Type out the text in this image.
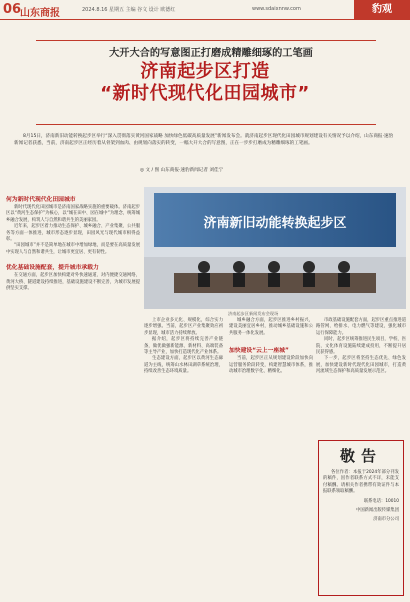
06
山东商报	2024.8.16 星期五 主编 谷文 设计 欧德红	www.sdaixnnw.com	豹观
大开大合的写意图正打磨成精雕细琢的工笔画
济南起步区打造
“新时代现代化田园城市”

8月15日，济南新旧动能转换起步区举行“深入贯彻落实黄河国家战略 加快绿色低碳高质量发展”新闻发布会。就济南起步区现代化田园城市规划建设有关情况予以介绍，山东商报·速豹新闻记者获悉，当前，济南起步区正经历着从骨架到血肉、由规划向落实的转变，一幅大开大合的写意图，正在一步步打磨成为精雕细琢的工笔画。

◎ 文 / 图 山东商报·速豹新闻记者 刘佳宁
何为新时代现代化田园城市

新时代现代化田园城市是济南国家战略实施的重要载体。济南起步区以“黄河生态保护”为核心，以“城在田中、园在城中”为理念，统筹城乡融合发展，构筑人与自然和谐共生的美丽家园。

近年来，起步区着力推动生态保护、城乡融合、产业集聚、公共服务等方面一体推进，城市形态逐步显现，田园风光与现代城市相得益彰。

“田园城市”并不是简单地在城市中增加绿地，而是要在高质量发展中实现人与自然和谐共生，让城市更宜居、更有韧性。

优化基础设施配套，提升城市承载力

在交通方面，起步区加快构建对外快速通道、对内便捷交通网络，黄河大桥、隧道建设持续推进，基础设施建设不断完善，为城市发展提供坚实支撑。

济南新旧动能转换起步区
济南起步区新闻发布会现场

上市企业多元化、规模化，综合实力逐步增强。当前，起步区产业集聚效应初步显现，城市活力持续释放。

据介绍，起步区将持续完善产业链条，做优做强新能源、新材料、高端装备等主导产业，加快打造现代化产业体系。

生态建设方面，起步区以黄河生态廊道为主线，统筹山水林田湖草系统治理，持续改善生态环境质量。

城乡融合方面，起步区推进乡村振兴，建设美丽宜居乡村，推动城乡基础设施和公共服务一体化发展。

加快建设“云上一座城”

当前，起步区正从规划建设阶段加快向运营服务阶段转变，构建智慧城市体系，推动城市治理数字化、精细化。

市政基础设施配套方面，起步区重点推进道路管网、给排水、电力燃气等建设，强化城市运行保障能力。

同时，起步区统筹推进民生项目，学校、医院、文化体育设施陆续建成投用，不断提升居民获得感。

下一步，起步区将坚持生态优先、绿色发展，加快建设新时代现代化田园城市，打造黄河流域生态保护和高质量发展示范区。

敬告

各位作者：本报于2024年部分刊发的稿件，因作者联系方式不详，未能支付稿酬。请相关作者携带有效证件与本报联系领取稿酬。

联系电话：10010
中国新闻出版传媒集团
济南市分公司
